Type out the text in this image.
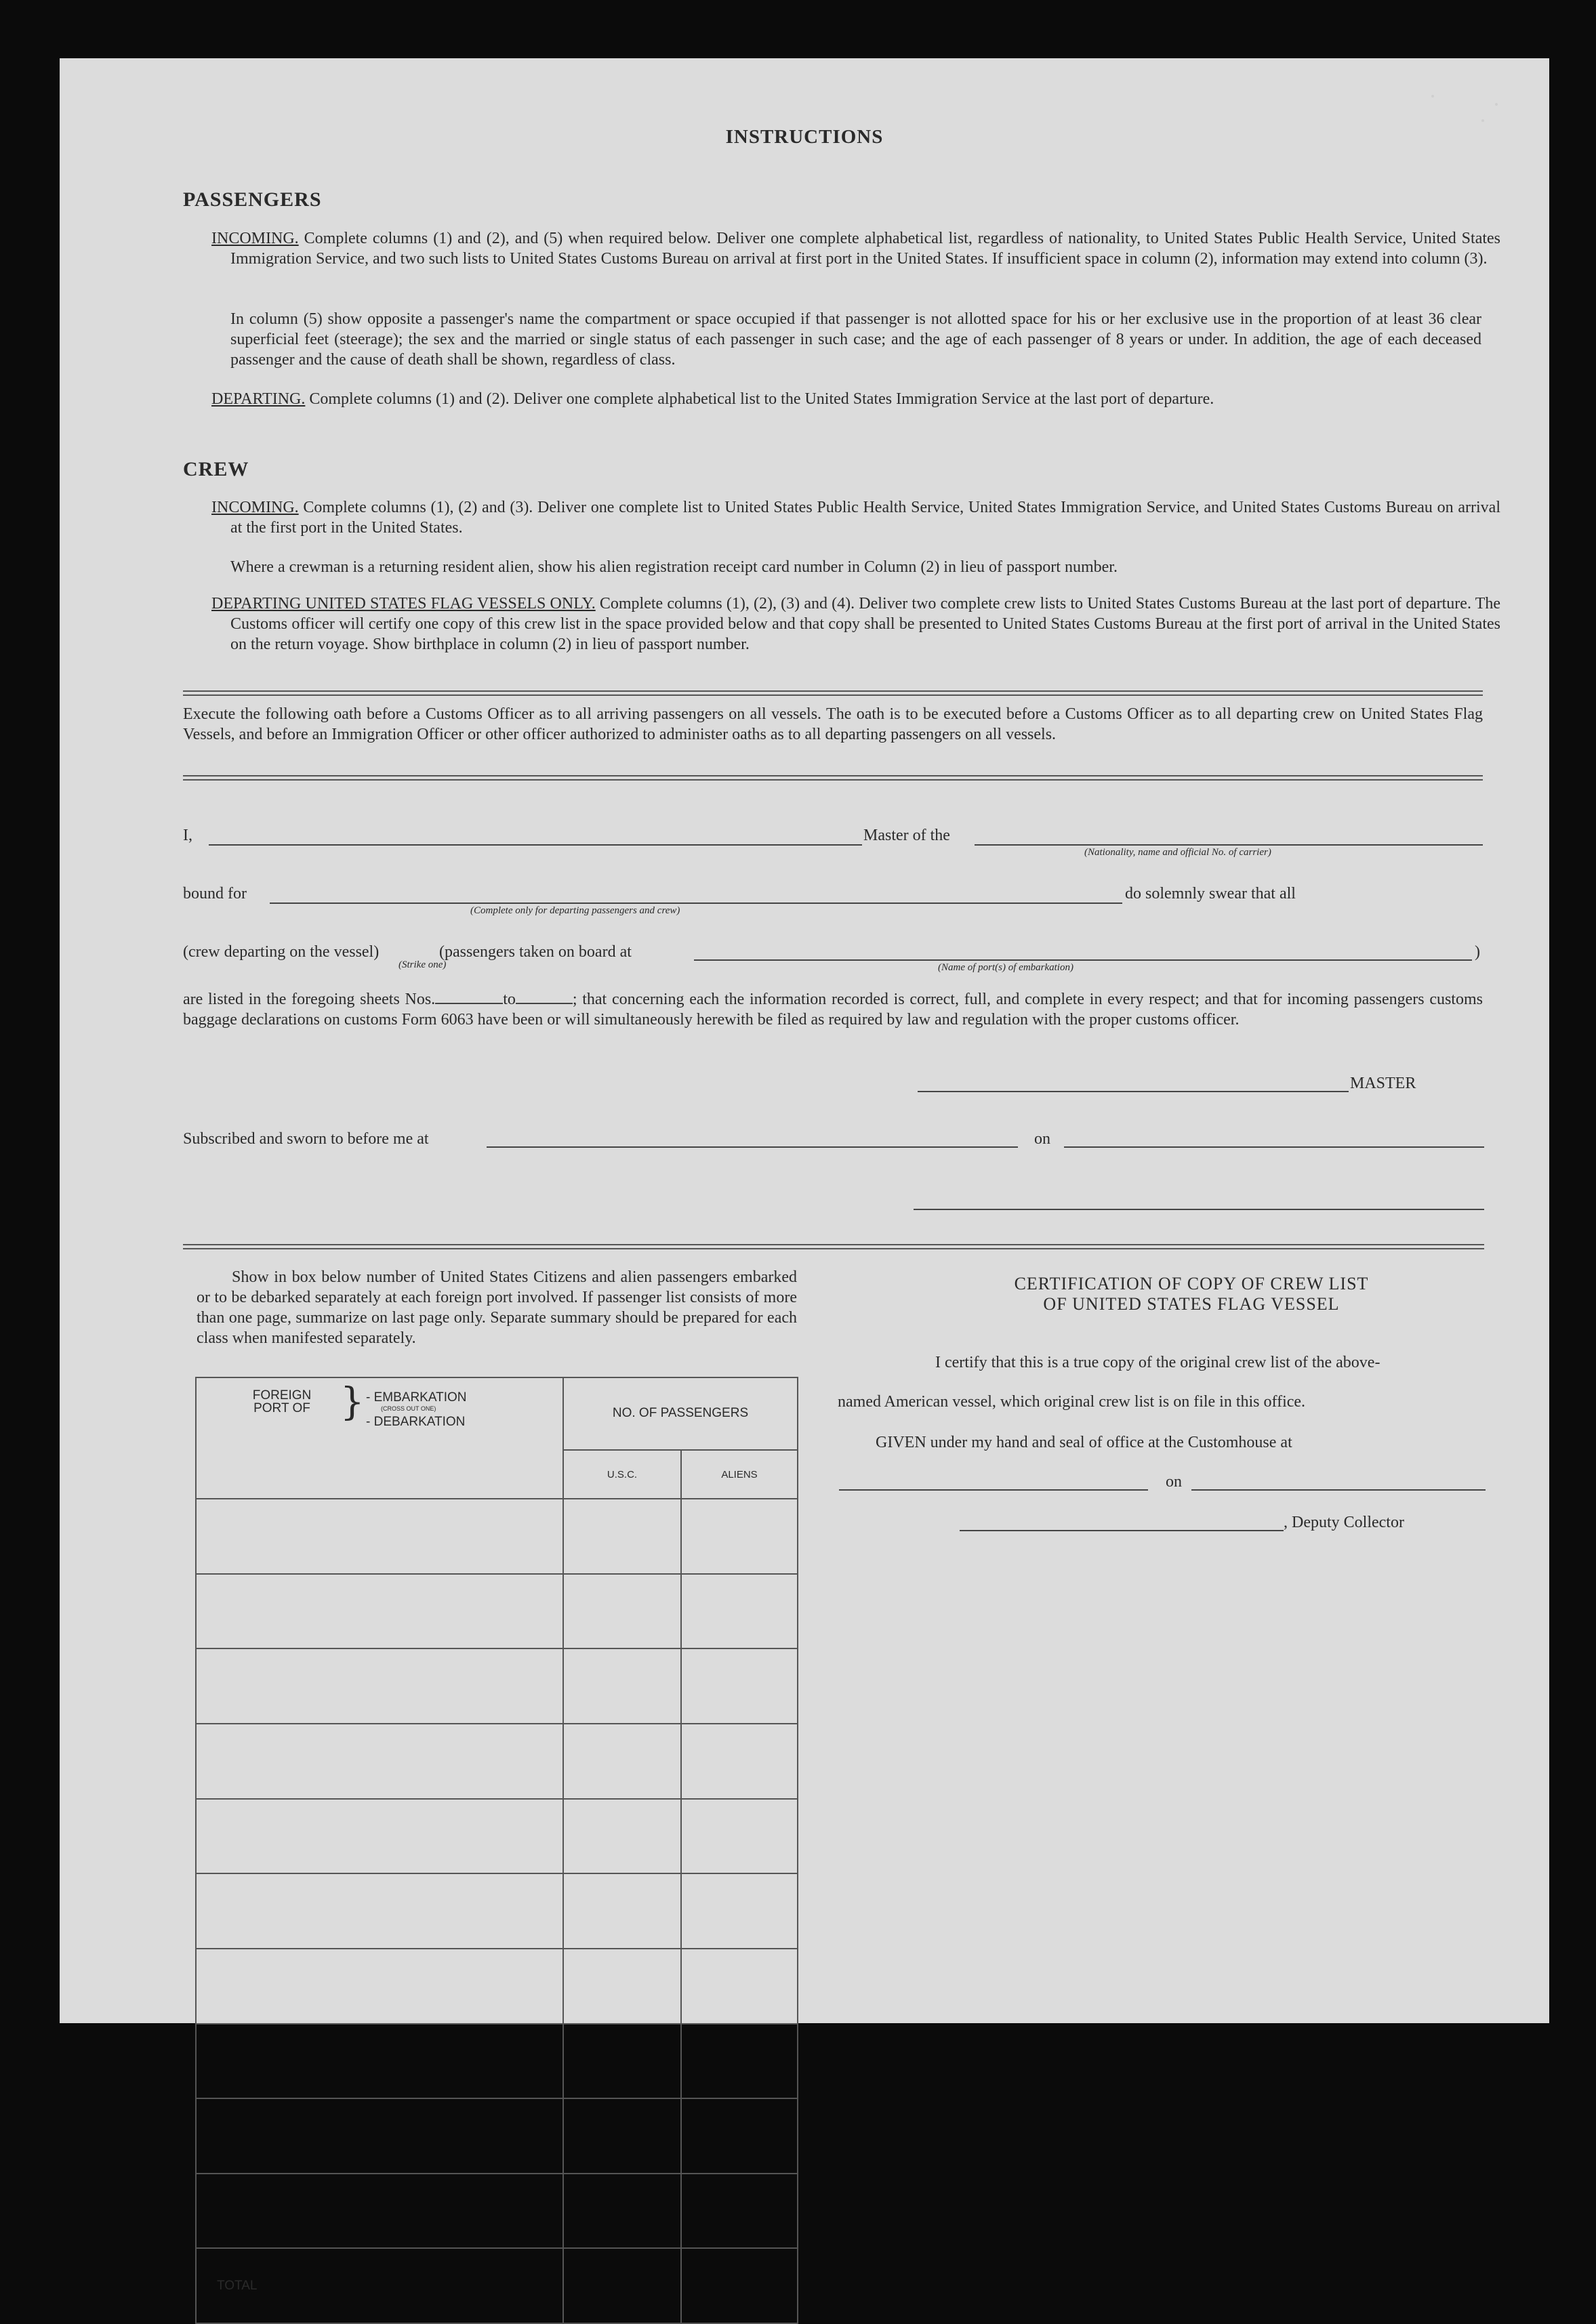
INSTRUCTIONS
PASSENGERS
INCOMING. Complete columns (1) and (2), and (5) when required below. Deliver one complete alphabetical list, regardless of nationality, to United States Public Health Service, United States Immigration Service, and two such lists to United States Customs Bureau on arrival at first port in the United States. If insufficient space in column (2), information may extend into column (3).
In column (5) show opposite a passenger's name the compartment or space occupied if that passenger is not allotted space for his or her exclusive use in the proportion of at least 36 clear superficial feet (steerage); the sex and the married or single status of each passenger in such case; and the age of each passenger of 8 years or under. In addition, the age of each deceased passenger and the cause of death shall be shown, regardless of class.
DEPARTING. Complete columns (1) and (2). Deliver one complete alphabetical list to the United States Immigration Service at the last port of departure.
CREW
INCOMING. Complete columns (1), (2) and (3). Deliver one complete list to United States Public Health Service, United States Immigration Service, and United States Customs Bureau on arrival at the first port in the United States.
Where a crewman is a returning resident alien, show his alien registration receipt card number in Column (2) in lieu of passport number.
DEPARTING UNITED STATES FLAG VESSELS ONLY. Complete columns (1), (2), (3) and (4). Deliver two complete crew lists to United States Customs Bureau at the last port of departure. The Customs officer will certify one copy of this crew list in the space provided below and that copy shall be presented to United States Customs Bureau at the first port of arrival in the United States on the return voyage. Show birthplace in column (2) in lieu of passport number.
Execute the following oath before a Customs Officer as to all arriving passengers on all vessels. The oath is to be executed before a Customs Officer as to all departing crew on United States Flag Vessels, and before an Immigration Officer or other officer authorized to administer oaths as to all departing passengers on all vessels.
I,	Master of the
(Nationality, name and official No. of carrier)
bound for
(Complete only for departing passengers and crew)
do solemnly swear that all
(crew departing on the vessel)	(passengers taken on board at
(Strike one)
)
(Name of port(s) of embarkation)
are listed in the foregoing sheets Nos.	to	; that concerning each the information recorded is correct, full, and complete in every respect; and that for incoming passengers customs baggage declarations on customs Form 6063 have been or will simultaneously herewith be filed as required by law and regulation with the proper customs officer.
MASTER
Subscribed and sworn to before me at	on
Show in box below number of United States Citizens and alien passengers embarked or to be debarked separately at each foreign port involved. If passenger list consists of more than one page, summarize on last page only. Separate summary should be prepared for each class when manifested separately.
FOREIGN PORT OF } - EMBARKATION
(CROSS OUT ONE)
- DEBARKATION	NO. OF PASSENGERS	
	U.S.C.	ALIENS

TOTAL		
CERTIFICATION OF COPY OF CREW LIST
OF UNITED STATES FLAG VESSEL
I certify that this is a true copy of the original crew list of the above-
named American vessel, which original crew list is on file in this office.
GIVEN under my hand and seal of office at the Customhouse at
on
, Deputy Collector
